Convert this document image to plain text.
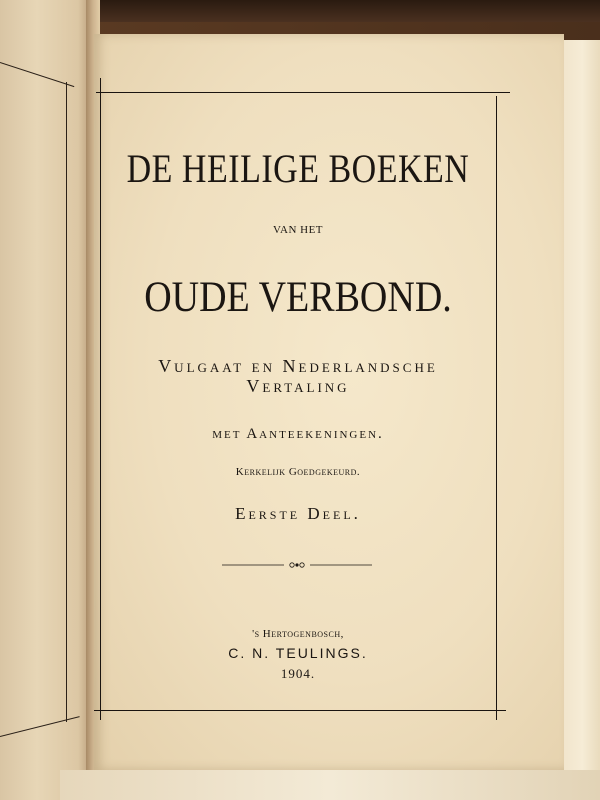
DE HEILIGE BOEKEN
VAN HET
OUDE VERBOND.
Vulgaat en Nederlandsche
Vertaling
met Aanteekeningen.
Kerkelijk Goedgekeurd.
Eerste Deel.
's Hertogenbosch,
C. N. TEULINGS.
1904.
